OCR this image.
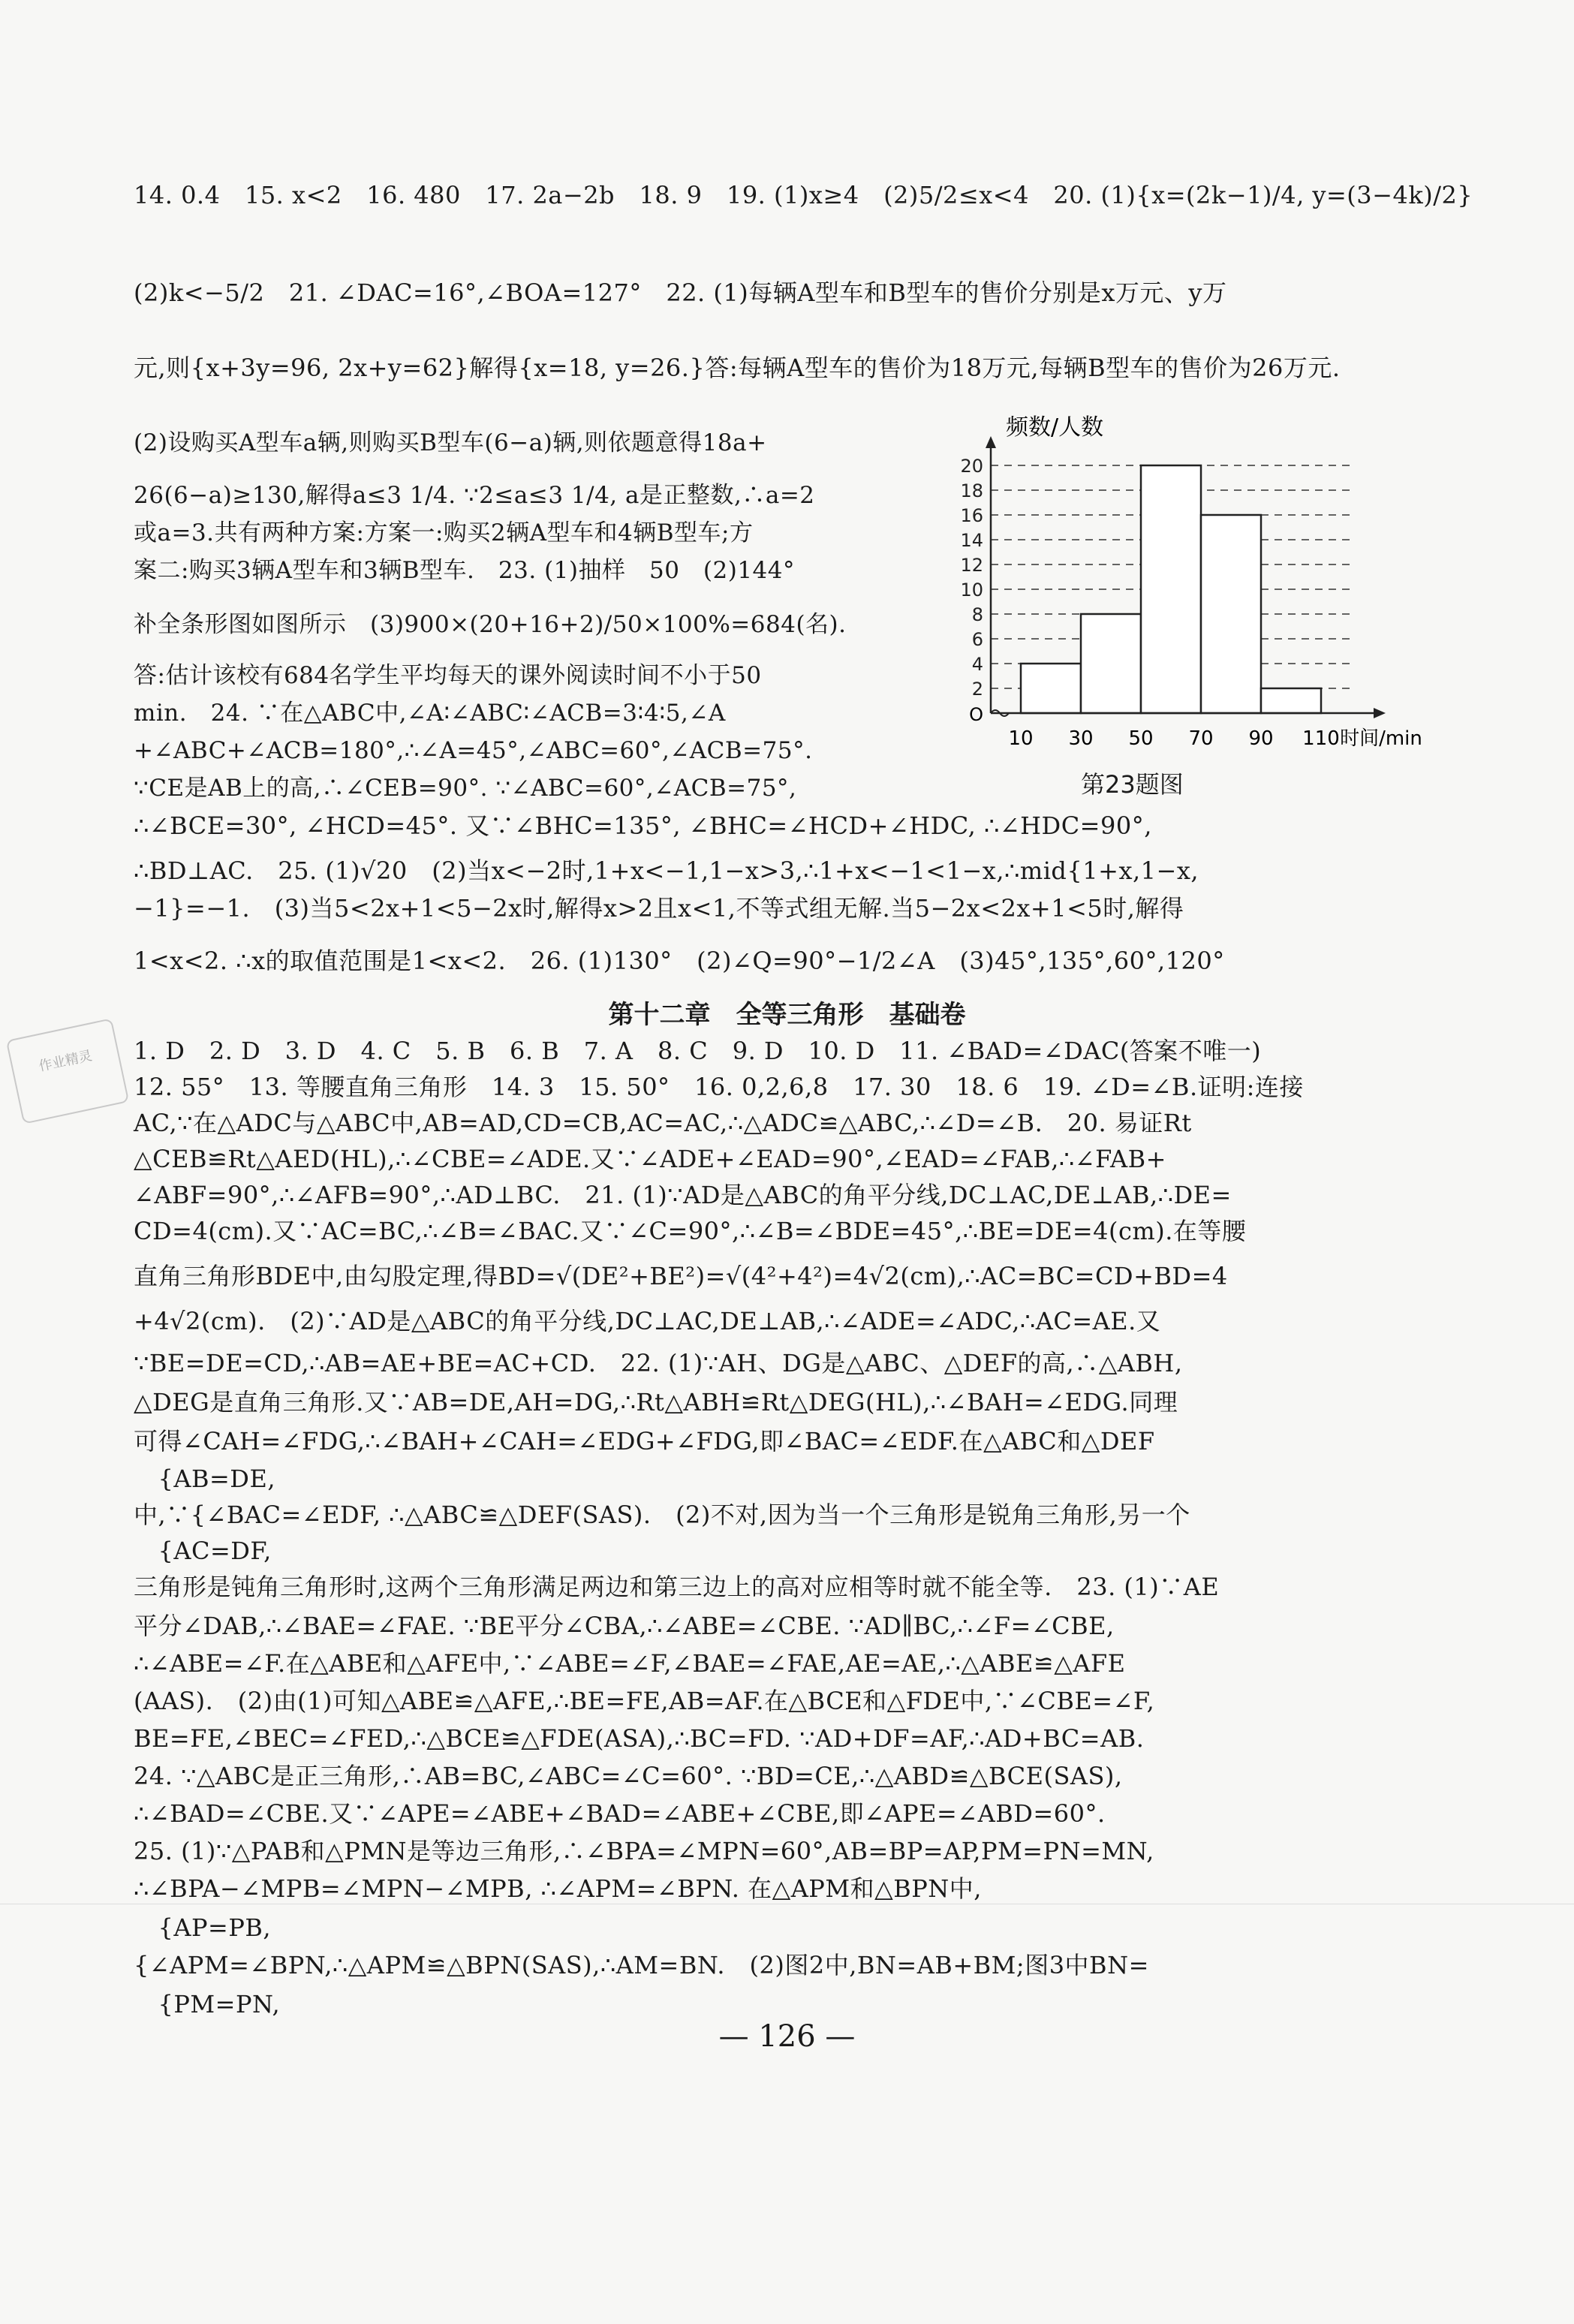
14. 0.4　15. x<2　16. 480　17. 2a−2b　18. 9　19. (1)x≥4　(2)5/2≤x<4　20. (1){x=(2k−1)/4, y=(3−4k)/2}
(2)k<−5/2　21. ∠DAC=16°,∠BOA=127°　22. (1)每辆A型车和B型车的售价分别是x万元、y万
元,则{x+3y=96, 2x+y=62}解得{x=18, y=26.}答:每辆A型车的售价为18万元,每辆B型车的售价为26万元.
(2)设购买A型车a辆,则购买B型车(6−a)辆,则依题意得18a+
26(6−a)≥130,解得a≤3 1/4. ∵2≤a≤3 1/4, a是正整数,∴a=2
或a=3.共有两种方案:方案一:购买2辆A型车和4辆B型车;方
案二:购买3辆A型车和3辆B型车.　23. (1)抽样　50　(2)144°
补全条形图如图所示　(3)900×(20+16+2)/50×100%=684(名).
答:估计该校有684名学生平均每天的课外阅读时间不小于50
min.　24. ∵在△ABC中,∠A∶∠ABC∶∠ACB=3∶4∶5,∠A
+∠ABC+∠ACB=180°,∴∠A=45°,∠ABC=60°,∠ACB=75°.
∵CE是AB上的高,∴∠CEB=90°. ∵∠ABC=60°,∠ACB=75°,
∴∠BCE=30°, ∠HCD=45°. 又∵∠BHC=135°, ∠BHC=∠HCD+∠HDC, ∴∠HDC=90°,
∴BD⊥AC.　25. (1)√20　(2)当x<−2时,1+x<−1,1−x>3,∴1+x<−1<1−x,∴mid{1+x,1−x,
−1}=−1.　(3)当5<2x+1<5−2x时,解得x>2且x<1,不等式组无解.当5−2x<2x+1<5时,解得
1<x<2. ∴x的取值范围是1<x<2.　26. (1)130°　(2)∠Q=90°−1/2∠A　(3)45°,135°,60°,120°
1. D　2. D　3. D　4. C　5. B　6. B　7. A　8. C　9. D　10. D　11. ∠BAD=∠DAC(答案不唯一)
12. 55°　13. 等腰直角三角形　14. 3　15. 50°　16. 0,2,6,8　17. 30　18. 6　19. ∠D=∠B.证明:连接
AC,∵在△ADC与△ABC中,AB=AD,CD=CB,AC=AC,∴△ADC≌△ABC,∴∠D=∠B.　20. 易证Rt
△CEB≌Rt△AED(HL),∴∠CBE=∠ADE.又∵∠ADE+∠EAD=90°,∠EAD=∠FAB,∴∠FAB+
∠ABF=90°,∴∠AFB=90°,∴AD⊥BC.　21. (1)∵AD是△ABC的角平分线,DC⊥AC,DE⊥AB,∴DE=
CD=4(cm).又∵AC=BC,∴∠B=∠BAC.又∵∠C=90°,∴∠B=∠BDE=45°,∴BE=DE=4(cm).在等腰
直角三角形BDE中,由勾股定理,得BD=√(DE²+BE²)=√(4²+4²)=4√2(cm),∴AC=BC=CD+BD=4
+4√2(cm).　(2)∵AD是△ABC的角平分线,DC⊥AC,DE⊥AB,∴∠ADE=∠ADC,∴AC=AE.又
∵BE=DE=CD,∴AB=AE+BE=AC+CD.　22. (1)∵AH、DG是△ABC、△DEF的高,∴△ABH,
△DEG是直角三角形.又∵AB=DE,AH=DG,∴Rt△ABH≌Rt△DEG(HL),∴∠BAH=∠EDG.同理
可得∠CAH=∠FDG,∴∠BAH+∠CAH=∠EDG+∠FDG,即∠BAC=∠EDF.在△ABC和△DEF
　{AB=DE,
中,∵{∠BAC=∠EDF, ∴△ABC≌△DEF(SAS).　(2)不对,因为当一个三角形是锐角三角形,另一个
　{AC=DF,
三角形是钝角三角形时,这两个三角形满足两边和第三边上的高对应相等时就不能全等.　23. (1)∵AE
平分∠DAB,∴∠BAE=∠FAE. ∵BE平分∠CBA,∴∠ABE=∠CBE. ∵AD∥BC,∴∠F=∠CBE,
∴∠ABE=∠F.在△ABE和△AFE中,∵∠ABE=∠F,∠BAE=∠FAE,AE=AE,∴△ABE≌△AFE
(AAS).　(2)由(1)可知△ABE≌△AFE,∴BE=FE,AB=AF.在△BCE和△FDE中,∵∠CBE=∠F,
BE=FE,∠BEC=∠FED,∴△BCE≌△FDE(ASA),∴BC=FD. ∵AD+DF=AF,∴AD+BC=AB.
24. ∵△ABC是正三角形,∴AB=BC,∠ABC=∠C=60°. ∵BD=CE,∴△ABD≌△BCE(SAS),
∴∠BAD=∠CBE.又∵∠APE=∠ABE+∠BAD=∠ABE+∠CBE,即∠APE=∠ABD=60°.
25. (1)∵△PAB和△PMN是等边三角形,∴∠BPA=∠MPN=60°,AB=BP=AP,PM=PN=MN,
∴∠BPA−∠MPB=∠MPN−∠MPB, ∴∠APM=∠BPN. 在△APM和△BPN中,
　{AP=PB,
{∠APM=∠BPN,∴△APM≌△BPN(SAS),∴AM=BN.　(2)图2中,BN=AB+BM;图3中BN=
　{PM=PN,
第十二章　全等三角形　基础卷
2
4
6
8
10
12
14
16
18
20
O
10 30 50 70 90 110
频数/人数
时间/min
第23题图
作业精灵
— 126 —
